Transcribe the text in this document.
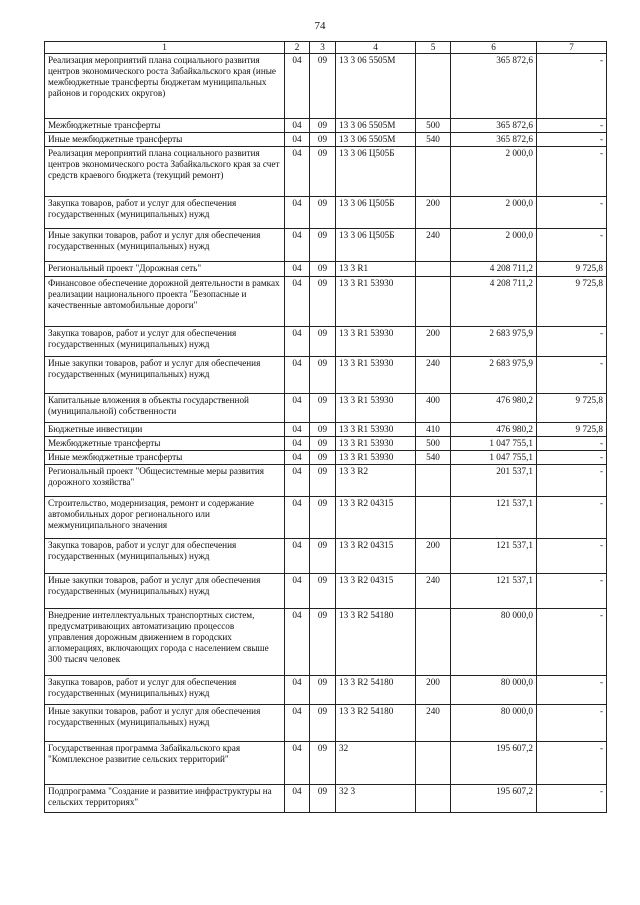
74
1	2	3	4	5	6	7
Реализация мероприятий плана социального развития центров экономического роста Забайкальского края (иные межбюджетные трансферты бюджетам муниципальных районов и городских округов)	04	09	13 3 06 5505М		365 872,6	-
Межбюджетные трансферты	04	09	13 3 06 5505М	500	365 872,6	-
Иные межбюджетные трансферты	04	09	13 3 06 5505М	540	365 872,6	-
Реализация мероприятий плана социального развития центров экономического роста Забайкальского края за счет средств краевого бюджета (текущий ремонт)	04	09	13 3 06 Ц505Б		2 000,0	-
Закупка товаров, работ и услуг для обеспечения государственных (муниципальных) нужд	04	09	13 3 06 Ц505Б	200	2 000,0	-
Иные закупки товаров, работ и услуг для обеспечения государственных (муниципальных) нужд	04	09	13 3 06 Ц505Б	240	2 000,0	-
Региональный проект "Дорожная сеть"	04	09	13 3 R1		4 208 711,2	9 725,8
Финансовое обеспечение дорожной деятельности в рамках реализации национального проекта "Безопасные и качественные автомобильные дороги"	04	09	13 3 R1 53930		4 208 711,2	9 725,8
Закупка товаров, работ и услуг для обеспечения государственных (муниципальных) нужд	04	09	13 3 R1 53930	200	2 683 975,9	-
Иные закупки товаров, работ и услуг для обеспечения государственных (муниципальных) нужд	04	09	13 3 R1 53930	240	2 683 975,9	-
Капитальные вложения в объекты государственной (муниципальной) собственности	04	09	13 3 R1 53930	400	476 980,2	9 725,8
Бюджетные инвестиции	04	09	13 3 R1 53930	410	476 980,2	9 725,8
Межбюджетные трансферты	04	09	13 3 R1 53930	500	1 047 755,1	-
Иные межбюджетные трансферты	04	09	13 3 R1 53930	540	1 047 755,1	-
Региональный проект "Общесистемные меры развития дорожного хозяйства"	04	09	13 3 R2		201 537,1	-
Строительство, модернизация, ремонт и содержание автомобильных дорог регионального или межмуниципального значения	04	09	13 3 R2 04315		121 537,1	-
Закупка товаров, работ и услуг для обеспечения государственных (муниципальных) нужд	04	09	13 3 R2 04315	200	121 537,1	-
Иные закупки товаров, работ и услуг для обеспечения государственных (муниципальных) нужд	04	09	13 3 R2 04315	240	121 537,1	-
Внедрение интеллектуальных транспортных систем, предусматривающих автоматизацию процессов управления дорожным движением в городских агломерациях, включающих города с населением свыше 300 тысяч человек	04	09	13 3 R2 54180		80 000,0	-
Закупка товаров, работ и услуг для обеспечения государственных (муниципальных) нужд	04	09	13 3 R2 54180	200	80 000,0	-
Иные закупки товаров, работ и услуг для обеспечения государственных (муниципальных) нужд	04	09	13 3 R2 54180	240	80 000,0	-
Государственная программа Забайкальского края "Комплексное развитие сельских территорий"	04	09	32		195 607,2	-
Подпрограмма "Создание и развитие инфраструктуры на сельских территориях"	04	09	32 3		195 607,2	-
